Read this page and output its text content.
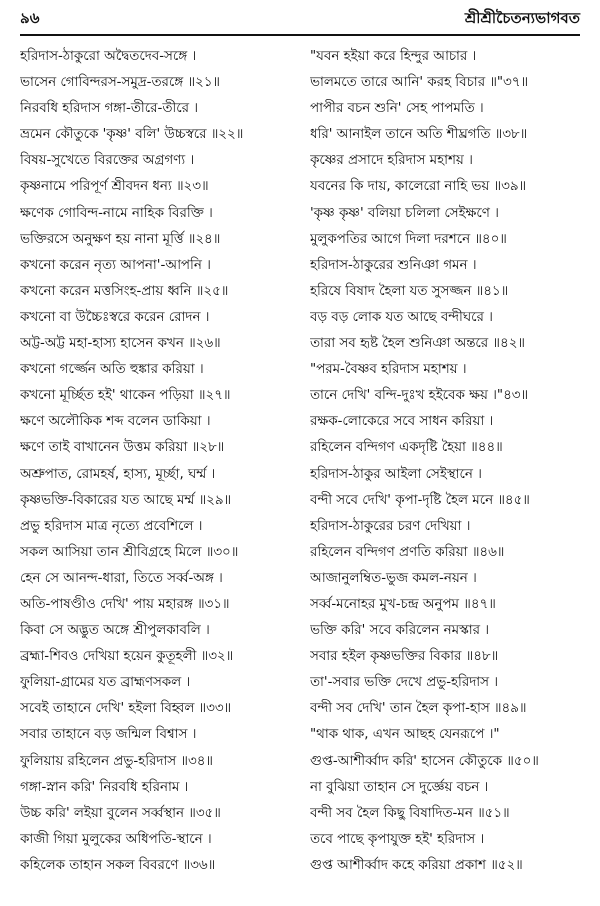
৯৬	শ্রীশ্রীচৈতন্যভাগবত
হরিদাস-ঠাকুরো অদ্বৈতদেব-সঙ্গে ।
ভাসেন গোবিন্দরস-সমুদ্র-তরঙ্গে ॥২১॥
নিরবধি হরিদাস গঙ্গা-তীরে-তীরে ।
ভ্রমেন কৌতুকে 'কৃষ্ণ' বলি' উচ্চস্বরে ॥২২॥
বিষয়-সুখেতে বিরক্তের অগ্রগণ্য ।
কৃষ্ণনামে পরিপূর্ণ শ্রীবদন ধন্য ॥২৩॥
ক্ষণেক গোবিন্দ-নামে নাহিক বিরক্তি ।
ভক্তিরসে অনুক্ষণ হয় নানা মূর্ত্তি ॥২৪॥
কখনো করেন নৃত্য আপনা'-আপনি ।
কখনো করেন মত্তসিংহ-প্রায় ধ্বনি ॥২৫॥
কখনো বা উচ্চৈঃস্বরে করেন রোদন ।
অট্ট-অট্ট মহা-হাস্য হাসেন কখন ॥২৬॥
কখনো গর্জ্জেন অতি হুঙ্কার করিয়া ।
কখনো মূর্চ্ছিত হই' থাকেন পড়িয়া ॥২৭॥
ক্ষণে অলৌকিক শব্দ বলেন ডাকিয়া ।
ক্ষণে তাই বাখানেন উত্তম করিয়া ॥২৮॥
অশ্রুপাত, রোমহর্ষ, হাস্য, মূর্চ্ছা, ঘর্ম্ম ।
কৃষ্ণভক্তি-বিকারের যত আছে মর্ম্ম ॥২৯॥
প্রভু হরিদাস মাত্র নৃত্যে প্রবেশিলে ।
সকল আসিয়া তান শ্রীবিগ্রহে মিলে ॥৩০॥
হেন সে আনন্দ-ধারা, তিতে সর্ব্ব-অঙ্গ ।
অতি-পাষণ্ডীও দেখি' পায় মহারঙ্গ ॥৩১॥
কিবা সে অদ্ভুত অঙ্গে শ্রীপুলকাবলি ।
ব্রহ্মা-শিবও দেখিয়া হয়েন কুতূহলী ॥৩২॥
ফুলিয়া-গ্রামের যত ব্রাহ্মণসকল ।
সবেই তাহানে দেখি' হইলা বিহ্বল ॥৩৩॥
সবার তাহানে বড় জন্মিল বিশ্বাস ।
ফুলিয়ায় রহিলেন প্রভু-হরিদাস ॥৩৪॥
গঙ্গা-স্নান করি' নিরবধি হরিনাম ।
উচ্চ করি' লইয়া বুলেন সর্ব্বস্থান ॥৩৫॥
কাজী গিয়া মুলুকের অধিপতি-স্থানে ।
কহিলেক তাহান সকল বিবরণে ॥৩৬॥
"যবন হইয়া করে হিন্দুর আচার ।
ভালমতে তারে আনি' করহ বিচার ॥"৩৭॥
পাপীর বচন শুনি' সেহ পাপমতি ।
ধরি' আনাইল তানে অতি শীঘ্রগতি ॥৩৮॥
কৃষ্ণের প্রসাদে হরিদাস মহাশয় ।
যবনের কি দায়, কালেরো নাহি ভয় ॥৩৯॥
'কৃষ্ণ কৃষ্ণ' বলিয়া চলিলা সেইক্ষণে ।
মুলুকপতির আগে দিলা দরশনে ॥৪০॥
হরিদাস-ঠাকুরের শুনিঞা গমন ।
হরিষে বিষাদ হৈলা যত সুসজ্জন ॥৪১॥
বড় বড় লোক যত আছে বন্দীঘরে ।
তারা সব হৃষ্ট হৈল শুনিঞা অন্তরে ॥৪২॥
"পরম-বৈষ্ণব হরিদাস মহাশয় ।
তানে দেখি' বন্দি-দুঃখ হইবেক ক্ষয় ।"৪৩॥
রক্ষক-লোকেরে সবে সাধন করিয়া ।
রহিলেন বন্দিগণ একদৃষ্টি হৈয়া ॥৪৪॥
হরিদাস-ঠাকুর আইলা সেইস্থানে ।
বন্দী সবে দেখি' কৃপা-দৃষ্টি হৈল মনে ॥৪৫॥
হরিদাস-ঠাকুরের চরণ দেখিয়া ।
রহিলেন বন্দিগণ প্রণতি করিয়া ॥৪৬॥
আজানুলম্বিত-ভুজ কমল-নয়ন ।
সর্ব্ব-মনোহর মুখ-চন্দ্র অনুপম ॥৪৭॥
ভক্তি করি' সবে করিলেন নমস্কার ।
সবার হইল কৃষ্ণভক্তির বিকার ॥৪৮॥
তা'-সবার ভক্তি দেখে প্রভু-হরিদাস ।
বন্দী সব দেখি' তান হৈল কৃপা-হাস ॥৪৯॥
"থাক থাক, এখন আছহ যেনরূপে ।"
গুপ্ত-আশীর্ব্বাদ করি' হাসেন কৌতুকে ॥৫০॥
না বুঝিয়া তাহান সে দুর্জ্ঞেয় বচন ।
বন্দী সব হৈল কিছু বিষাদিত-মন ॥৫১॥
তবে পাছে কৃপাযুক্ত হই' হরিদাস ।
গুপ্ত আশীর্ব্বাদ কহে করিয়া প্রকাশ ॥৫২॥
